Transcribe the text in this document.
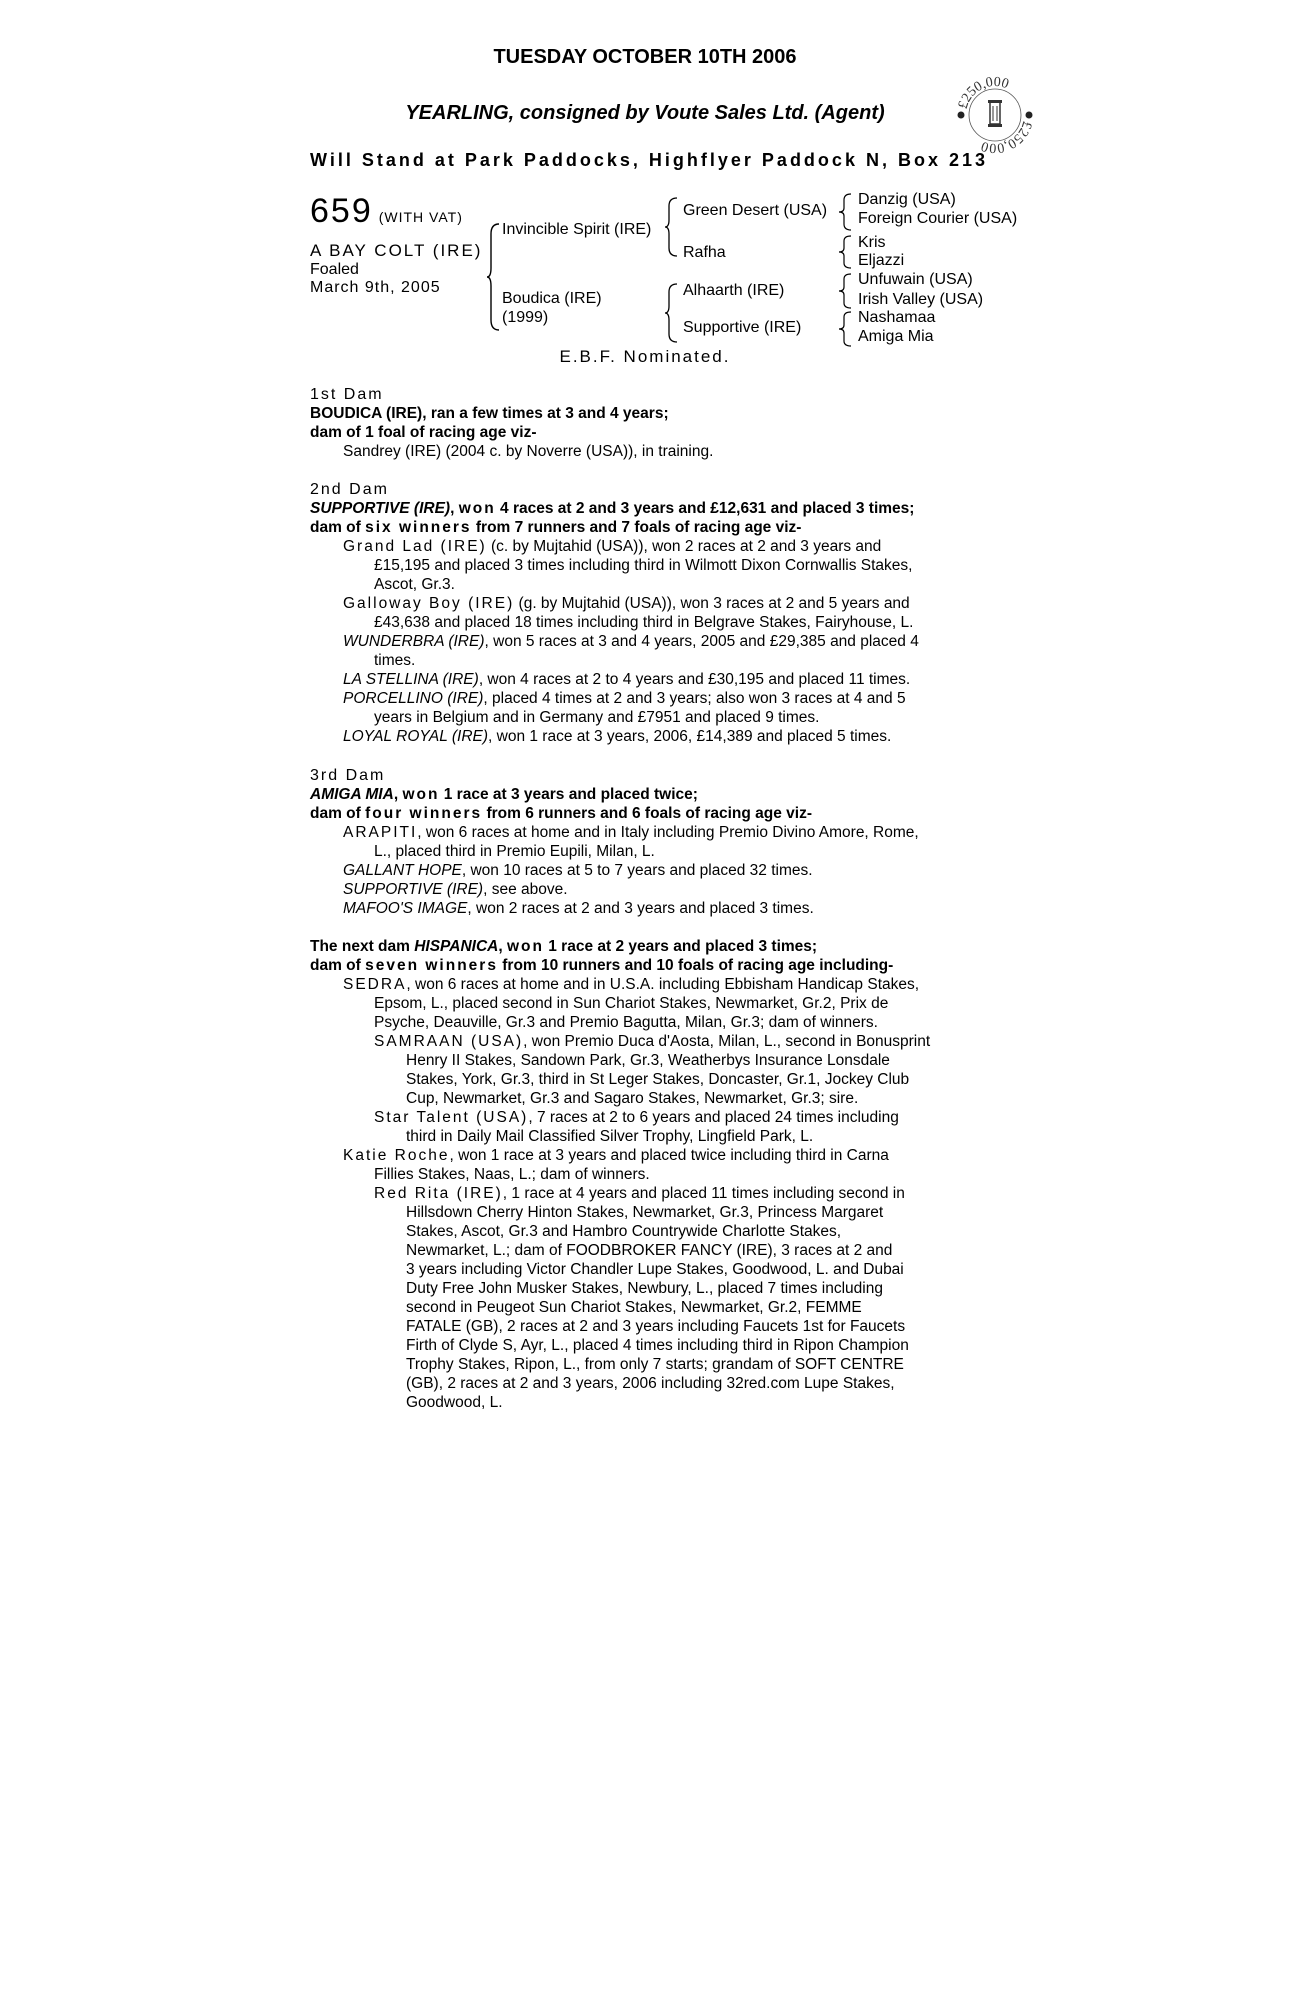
TUESDAY OCTOBER 10TH 2006
YEARLING, consigned by Voute Sales Ltd. (Agent)
Will Stand at Park Paddocks, Highflyer Paddock N, Box 213
£250,000
£250,000
659 (WITH VAT)
A BAY COLT (IRE)
Foaled
March 9th, 2005
Invincible Spirit (IRE)
Boudica (IRE)
(1999)
Green Desert (USA)
Rafha
Alhaarth (IRE)
Supportive (IRE)
Danzig (USA)
Foreign Courier (USA)
Kris
Eljazzi
Unfuwain (USA)
Irish Valley (USA)
Nashamaa
Amiga Mia
E.B.F. Nominated.
1st Dam
BOUDICA (IRE), ran a few times at 3 and 4 years;
dam of 1 foal of racing age viz-
Sandrey (IRE) (2004 c. by Noverre (USA)), in training.
2nd Dam
SUPPORTIVE (IRE), won 4 races at 2 and 3 years and £12,631 and placed 3 times;
dam of six winners from 7 runners and 7 foals of racing age viz-
Grand Lad (IRE) (c. by Mujtahid (USA)), won 2 races at 2 and 3 years and
£15,195 and placed 3 times including third in Wilmott Dixon Cornwallis Stakes,
Ascot, Gr.3.
Galloway Boy (IRE) (g. by Mujtahid (USA)), won 3 races at 2 and 5 years and
£43,638 and placed 18 times including third in Belgrave Stakes, Fairyhouse, L.
WUNDERBRA (IRE), won 5 races at 3 and 4 years, 2005 and £29,385 and placed 4
times.
LA STELLINA (IRE), won 4 races at 2 to 4 years and £30,195 and placed 11 times.
PORCELLINO (IRE), placed 4 times at 2 and 3 years; also won 3 races at 4 and 5
years in Belgium and in Germany and £7951 and placed 9 times.
LOYAL ROYAL (IRE), won 1 race at 3 years, 2006, £14,389 and placed 5 times.
3rd Dam
AMIGA MIA, won 1 race at 3 years and placed twice;
dam of four winners from 6 runners and 6 foals of racing age viz-
ARAPITI, won 6 races at home and in Italy including Premio Divino Amore, Rome,
L., placed third in Premio Eupili, Milan, L.
GALLANT HOPE, won 10 races at 5 to 7 years and placed 32 times.
SUPPORTIVE (IRE), see above.
MAFOO'S IMAGE, won 2 races at 2 and 3 years and placed 3 times.
The next dam HISPANICA, won 1 race at 2 years and placed 3 times;
dam of seven winners from 10 runners and 10 foals of racing age including-
SEDRA, won 6 races at home and in U.S.A. including Ebbisham Handicap Stakes,
Epsom, L., placed second in Sun Chariot Stakes, Newmarket, Gr.2, Prix de
Psyche, Deauville, Gr.3 and Premio Bagutta, Milan, Gr.3; dam of winners.
SAMRAAN (USA), won Premio Duca d'Aosta, Milan, L., second in Bonusprint
Henry II Stakes, Sandown Park, Gr.3, Weatherbys Insurance Lonsdale
Stakes, York, Gr.3, third in St Leger Stakes, Doncaster, Gr.1, Jockey Club
Cup, Newmarket, Gr.3 and Sagaro Stakes, Newmarket, Gr.3; sire.
Star Talent (USA), 7 races at 2 to 6 years and placed 24 times including
third in Daily Mail Classified Silver Trophy, Lingfield Park, L.
Katie Roche, won 1 race at 3 years and placed twice including third in Carna
Fillies Stakes, Naas, L.; dam of winners.
Red Rita (IRE), 1 race at 4 years and placed 11 times including second in
Hillsdown Cherry Hinton Stakes, Newmarket, Gr.3, Princess Margaret
Stakes, Ascot, Gr.3 and Hambro Countrywide Charlotte Stakes,
Newmarket, L.; dam of FOODBROKER FANCY (IRE), 3 races at 2 and
3 years including Victor Chandler Lupe Stakes, Goodwood, L. and Dubai
Duty Free John Musker Stakes, Newbury, L., placed 7 times including
second in Peugeot Sun Chariot Stakes, Newmarket, Gr.2, FEMME
FATALE (GB), 2 races at 2 and 3 years including Faucets 1st for Faucets
Firth of Clyde S, Ayr, L., placed 4 times including third in Ripon Champion
Trophy Stakes, Ripon, L., from only 7 starts; grandam of SOFT CENTRE
(GB), 2 races at 2 and 3 years, 2006 including 32red.com Lupe Stakes,
Goodwood, L.
